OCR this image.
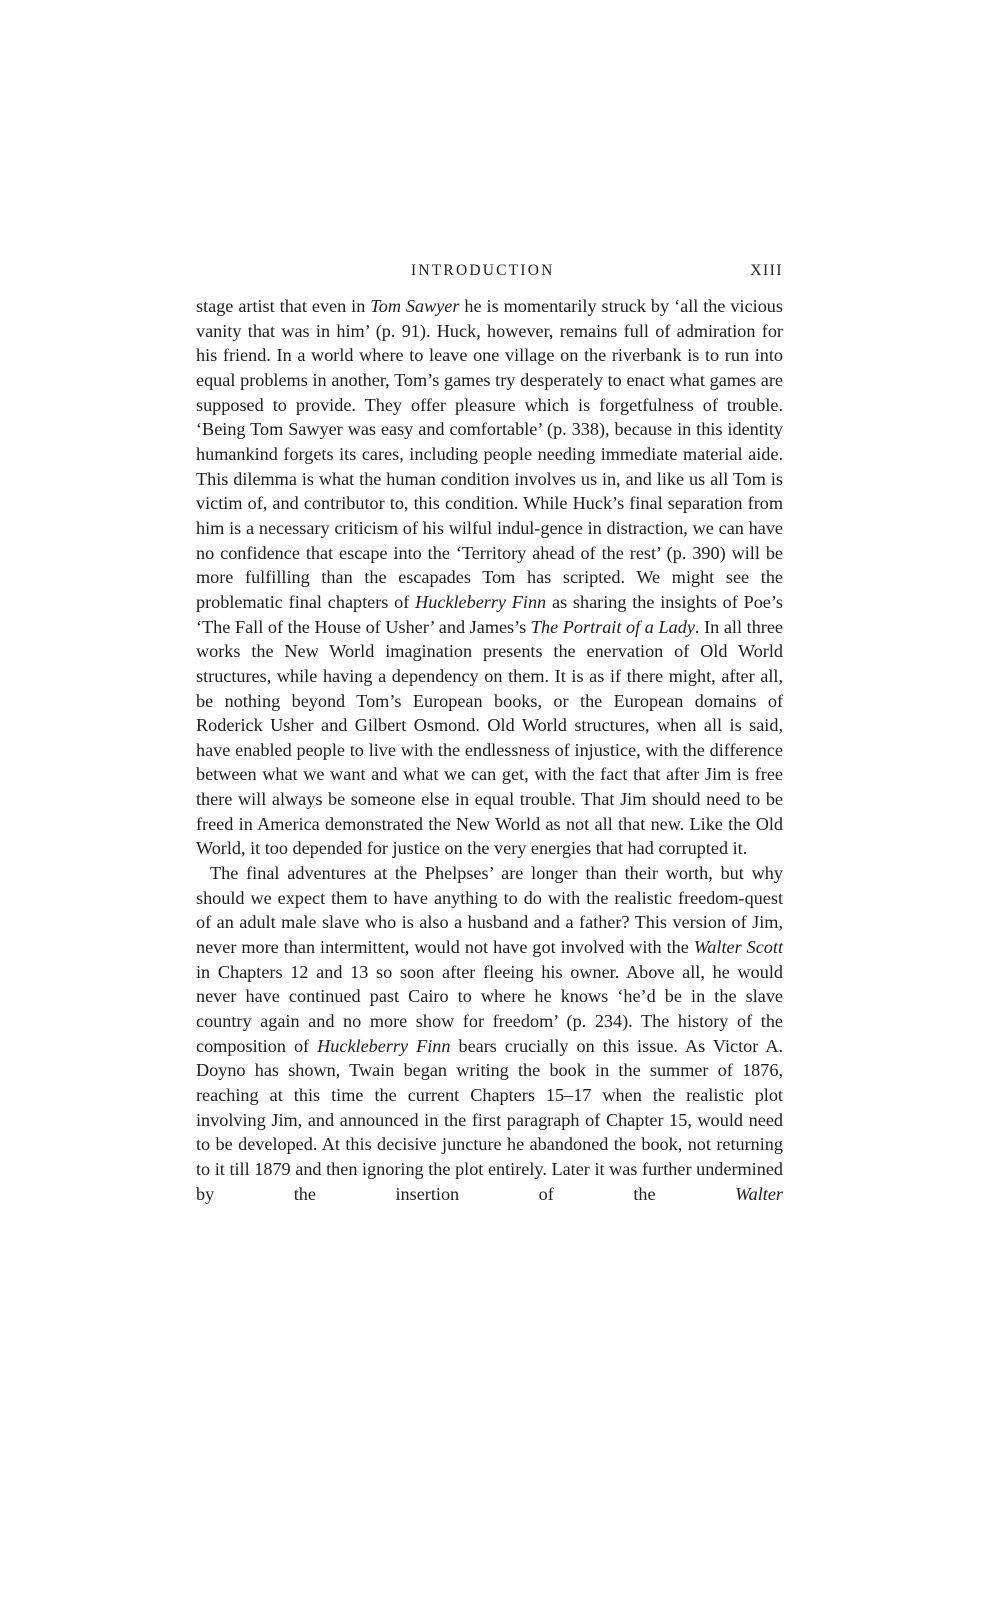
INTRODUCTION	XIII

stage artist that even in Tom Sawyer he is momentarily struck by ‘all the vicious vanity that was in him’ (p. 91). Huck, however, remains full of admiration for his friend. In a world where to leave one village on the riverbank is to run into equal problems in another, Tom’s games try desperately to enact what games are supposed to provide. They offer pleasure which is forgetfulness of trouble. ‘Being Tom Sawyer was easy and comfortable’ (p. 338), because in this identity humankind forgets its cares, including people needing immediate material aide. This dilemma is what the human condition involves us in, and like us all Tom is victim of, and contributor to, this condition. While Huck’s final separation from him is a necessary criticism of his wilful indul-gence in distraction, we can have no confidence that escape into the ‘Territory ahead of the rest’ (p. 390) will be more fulfilling than the escapades Tom has scripted. We might see the problematic final chapters of Huckleberry Finn as sharing the insights of Poe’s ‘The Fall of the House of Usher’ and James’s The Portrait of a Lady. In all three works the New World imagination presents the enervation of Old World structures, while having a dependency on them. It is as if there might, after all, be nothing beyond Tom’s European books, or the European domains of Roderick Usher and Gilbert Osmond. Old World structures, when all is said, have enabled people to live with the endlessness of injustice, with the difference between what we want and what we can get, with the fact that after Jim is free there will always be someone else in equal trouble. That Jim should need to be freed in America demonstrated the New World as not all that new. Like the Old World, it too depended for justice on the very energies that had corrupted it.

The final adventures at the Phelpses’ are longer than their worth, but why should we expect them to have anything to do with the realistic freedom-quest of an adult male slave who is also a husband and a father? This version of Jim, never more than intermittent, would not have got involved with the Walter Scott in Chapters 12 and 13 so soon after fleeing his owner. Above all, he would never have continued past Cairo to where he knows ‘he’d be in the slave country again and no more show for freedom’ (p. 234). The history of the composition of Huckleberry Finn bears crucially on this issue. As Victor A. Doyno has shown, Twain began writing the book in the summer of 1876, reaching at this time the current Chapters 15–17 when the realistic plot involving Jim, and announced in the first paragraph of Chapter 15, would need to be developed. At this decisive juncture he abandoned the book, not returning to it till 1879 and then ignoring the plot entirely. Later it was further undermined by the insertion of the Walter
